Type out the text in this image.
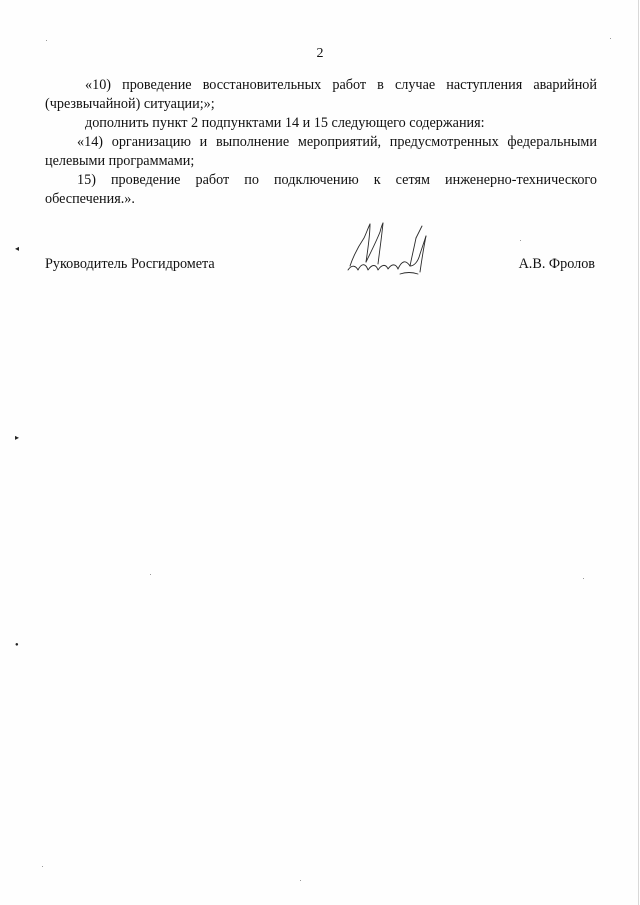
2

«10) проведение восстановительных работ в случае наступления аварийной
(чрезвычайной) ситуации;»;

дополнить пункт 2 подпунктами 14 и 15 следующего содержания:

«14) организацию и выполнение мероприятий, предусмотренных федеральными
целевыми программами;

15) проведение работ по подключению к сетям инженерно-технического
обеспечения.».

Руководитель Росгидромета	А.В. Фролов
◂
▸
●
